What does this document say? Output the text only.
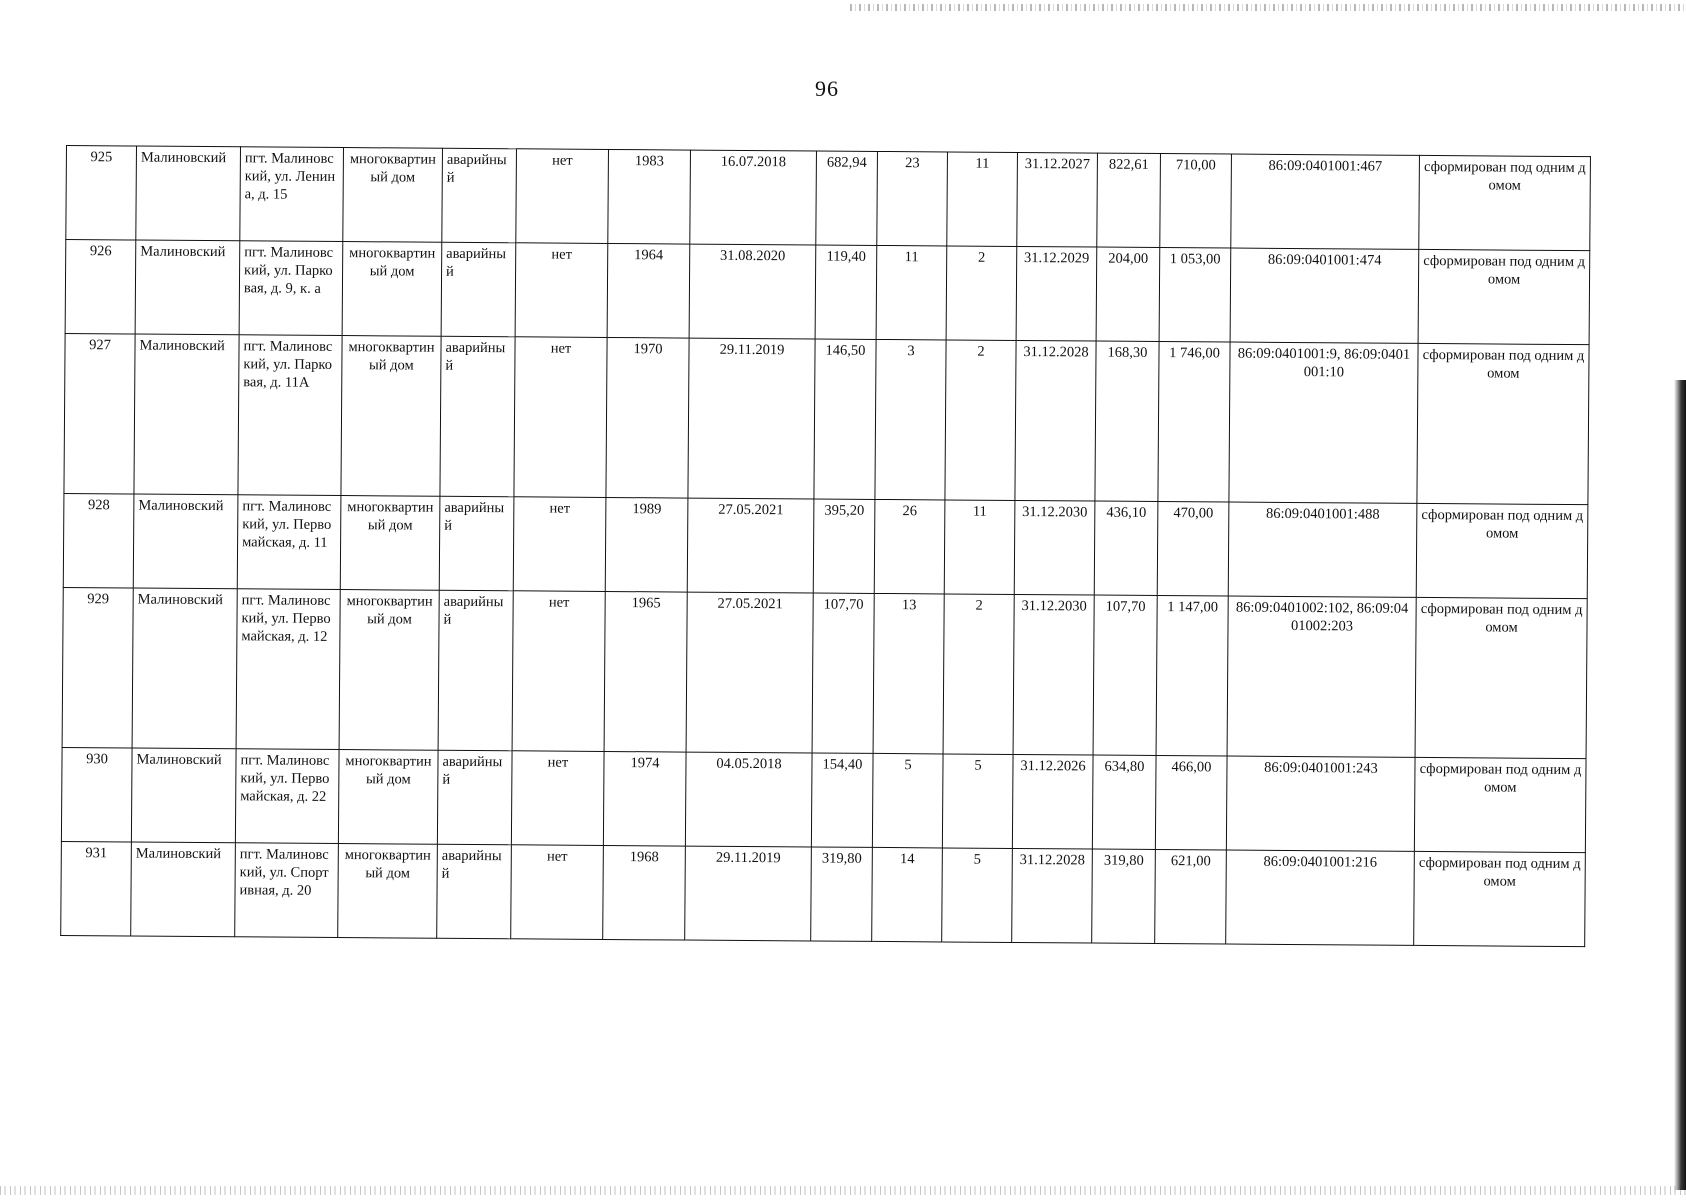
96
925	Малиновский	пгт. Малиновский, ул. Ленина, д. 15	многоквартиный дом	аварийный	нет	1983	16.07.2018	682,94	23	11	31.12.2027	822,61	710,00	86:09:0401001:467	сформирован под одним домом
926	Малиновский	пгт. Малиновский, ул. Парковая, д. 9, к. а	многоквартиный дом	аварийный	нет	1964	31.08.2020	119,40	11	2	31.12.2029	204,00	1 053,00	86:09:0401001:474	сформирован под одним домом
927	Малиновский	пгт. Малиновский, ул. Парковая, д. 11А	многоквартиный дом	аварийный	нет	1970	29.11.2019	146,50	3	2	31.12.2028	168,30	1 746,00	86:09:0401001:9, 86:09:0401001:10	сформирован под одним домом
928	Малиновский	пгт. Малиновский, ул. Первомайская, д. 11	многоквартиный дом	аварийный	нет	1989	27.05.2021	395,20	26	11	31.12.2030	436,10	470,00	86:09:0401001:488	сформирован под одним домом
929	Малиновский	пгт. Малиновский, ул. Первомайская, д. 12	многоквартиный дом	аварийный	нет	1965	27.05.2021	107,70	13	2	31.12.2030	107,70	1 147,00	86:09:0401002:102, 86:09:0401002:203	сформирован под одним домом
930	Малиновский	пгт. Малиновский, ул. Первомайская, д. 22	многоквартиный дом	аварийный	нет	1974	04.05.2018	154,40	5	5	31.12.2026	634,80	466,00	86:09:0401001:243	сформирован под одним домом
931	Малиновский	пгт. Малиновский, ул. Спортивная, д. 20	многоквартиный дом	аварийный	нет	1968	29.11.2019	319,80	14	5	31.12.2028	319,80	621,00	86:09:0401001:216	сформирован под одним домом
